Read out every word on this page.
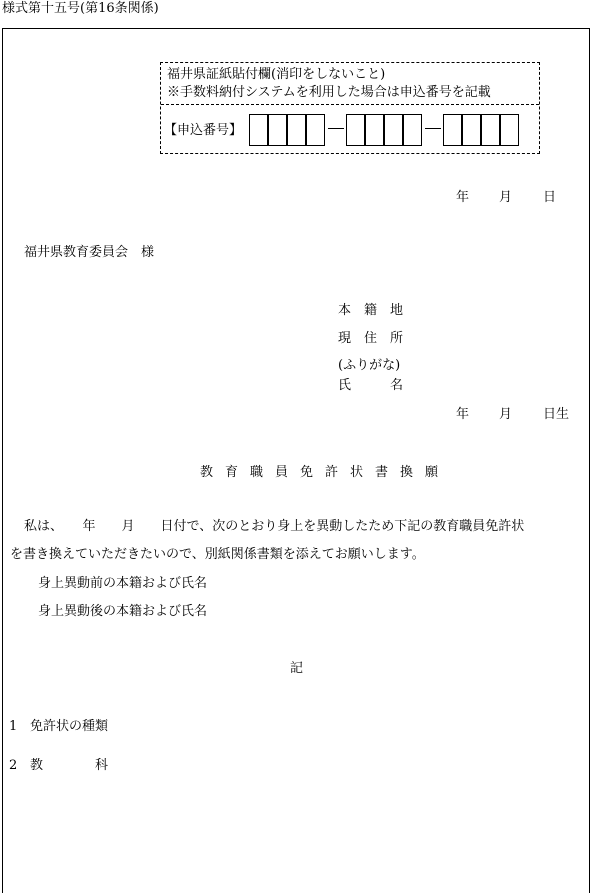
様式第十五号(第16条関係)
福井県証紙貼付欄(消印をしないこと)
※手数料納付システムを利用した場合は申込番号を記載
【申込番号】
年 月 日
福井県教育委員会　様
本　籍　地
現　住　所
(ふりがな)
氏　　　名
年 月 日生
教育職員免許状書換願
私は、　　年　　月　　日付で、次のとおり身上を異動したため下記の教育職員免許状
を書き換えていただきたいので、別紙関係書類を添えてお願いします。
身上異動前の本籍および氏名
身上異動後の本籍および氏名
記
1 免許状の種類
2 教　　　　科
